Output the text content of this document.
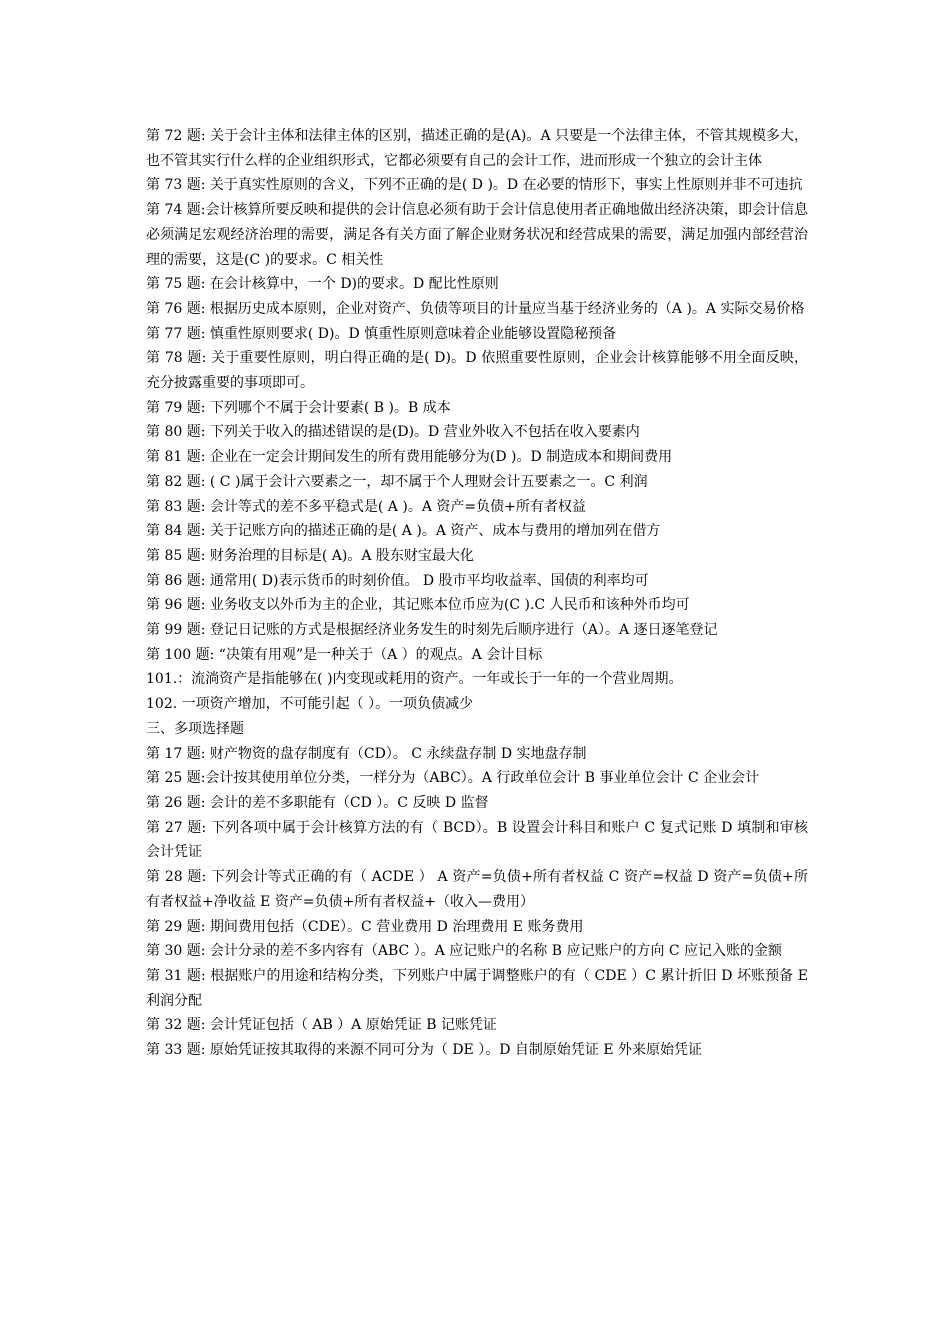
第 72 题: 关于会计主体和法律主体的区别，描述正确的是(A)。A 只要是一个法律主体，不管其规模多大，也不管其实行什么样的企业组织形式，它都必须要有自己的会计工作，进而形成一个独立的会计主体

第 73 题: 关于真实性原则的含义，下列不正确的是( D )。D 在必要的情形下，事实上性原则并非不可违抗

第 74 题:会计核算所要反映和提供的会计信息必须有助于会计信息使用者正确地做出经济决策，即会计信息必须满足宏观经济治理的需要，满足各有关方面了解企业财务状况和经营成果的需要，满足加强内部经营治理的需要，这是(C )的要求。C 相关性

第 75 题: 在会计核算中，一个 D)的要求。D 配比性原则

第 76 题: 根据历史成本原则，企业对资产、负债等项目的计量应当基于经济业务的（A )。A 实际交易价格

第 77 题: 慎重性原则要求( D)。D 慎重性原则意味着企业能够设置隐秘预备

第 78 题: 关于重要性原则，明白得正确的是( D)。D 依照重要性原则，企业会计核算能够不用全面反映，充分披露重要的事项即可。

第 79 题: 下列哪个不属于会计要素( B )。B 成本

第 80 题: 下列关于收入的描述错误的是(D)。D 营业外收入不包括在收入要素内

第 81 题: 企业在一定会计期间发生的所有费用能够分为(D )。D 制造成本和期间费用

第 82 题: ( C )属于会计六要素之一，却不属于个人理财会计五要素之一。C 利润

第 83 题: 会计等式的差不多平稳式是( A )。A 资产=负债+所有者权益

第 84 题: 关于记账方向的描述正确的是( A )。A 资产、成本与费用的增加列在借方

第 85 题: 财务治理的目标是( A)。A 股东财宝最大化

第 86 题: 通常用( D)表示货币的时刻价值。 D 股市平均收益率、国债的利率均可

第 96 题: 业务收支以外币为主的企业，其记账本位币应为(C ).C 人民币和该种外币均可

第 99 题: 登记日记账的方式是根据经济业务发生的时刻先后顺序进行（A）。A 逐日逐笔登记

第 100 题: “决策有用观”是一种关于（A ）的观点。A 会计目标

101.：流淌资产是指能够在( )内变现或耗用的资产。一年或长于一年的一个营业周期。

102. 一项资产增加，不可能引起（ ）。一项负债减少

三、多项选择题

第 17 题: 财产物资的盘存制度有（CD）。 C 永续盘存制 D 实地盘存制

第 25 题:会计按其使用单位分类，一样分为（ABC）。A 行政单位会计 B 事业单位会计 C 企业会计

第 26 题: 会计的差不多职能有（CD ）。C 反映 D 监督

第 27 题: 下列各项中属于会计核算方法的有（ BCD）。B 设置会计科目和账户 C 复式记账 D 填制和审核会计凭证

第 28 题: 下列会计等式正确的有（ ACDE ） A 资产=负债+所有者权益 C 资产=权益 D 资产=负债+所有者权益+净收益 E 资产=负债+所有者权益+（收入—费用）

第 29 题: 期间费用包括（CDE）。C 营业费用 D 治理费用 E 账务费用

第 30 题: 会计分录的差不多内容有（ABC ）。A 应记账户的名称 B 应记账户的方向 C 应记入账的金额

第 31 题: 根据账户的用途和结构分类，下列账户中属于调整账户的有（ CDE ）C 累计折旧 D 坏账预备 E 利润分配

第 32 题: 会计凭证包括（ AB ）A 原始凭证 B 记账凭证

第 33 题: 原始凭证按其取得的来源不同可分为（ DE ）。D 自制原始凭证 E 外来原始凭证
